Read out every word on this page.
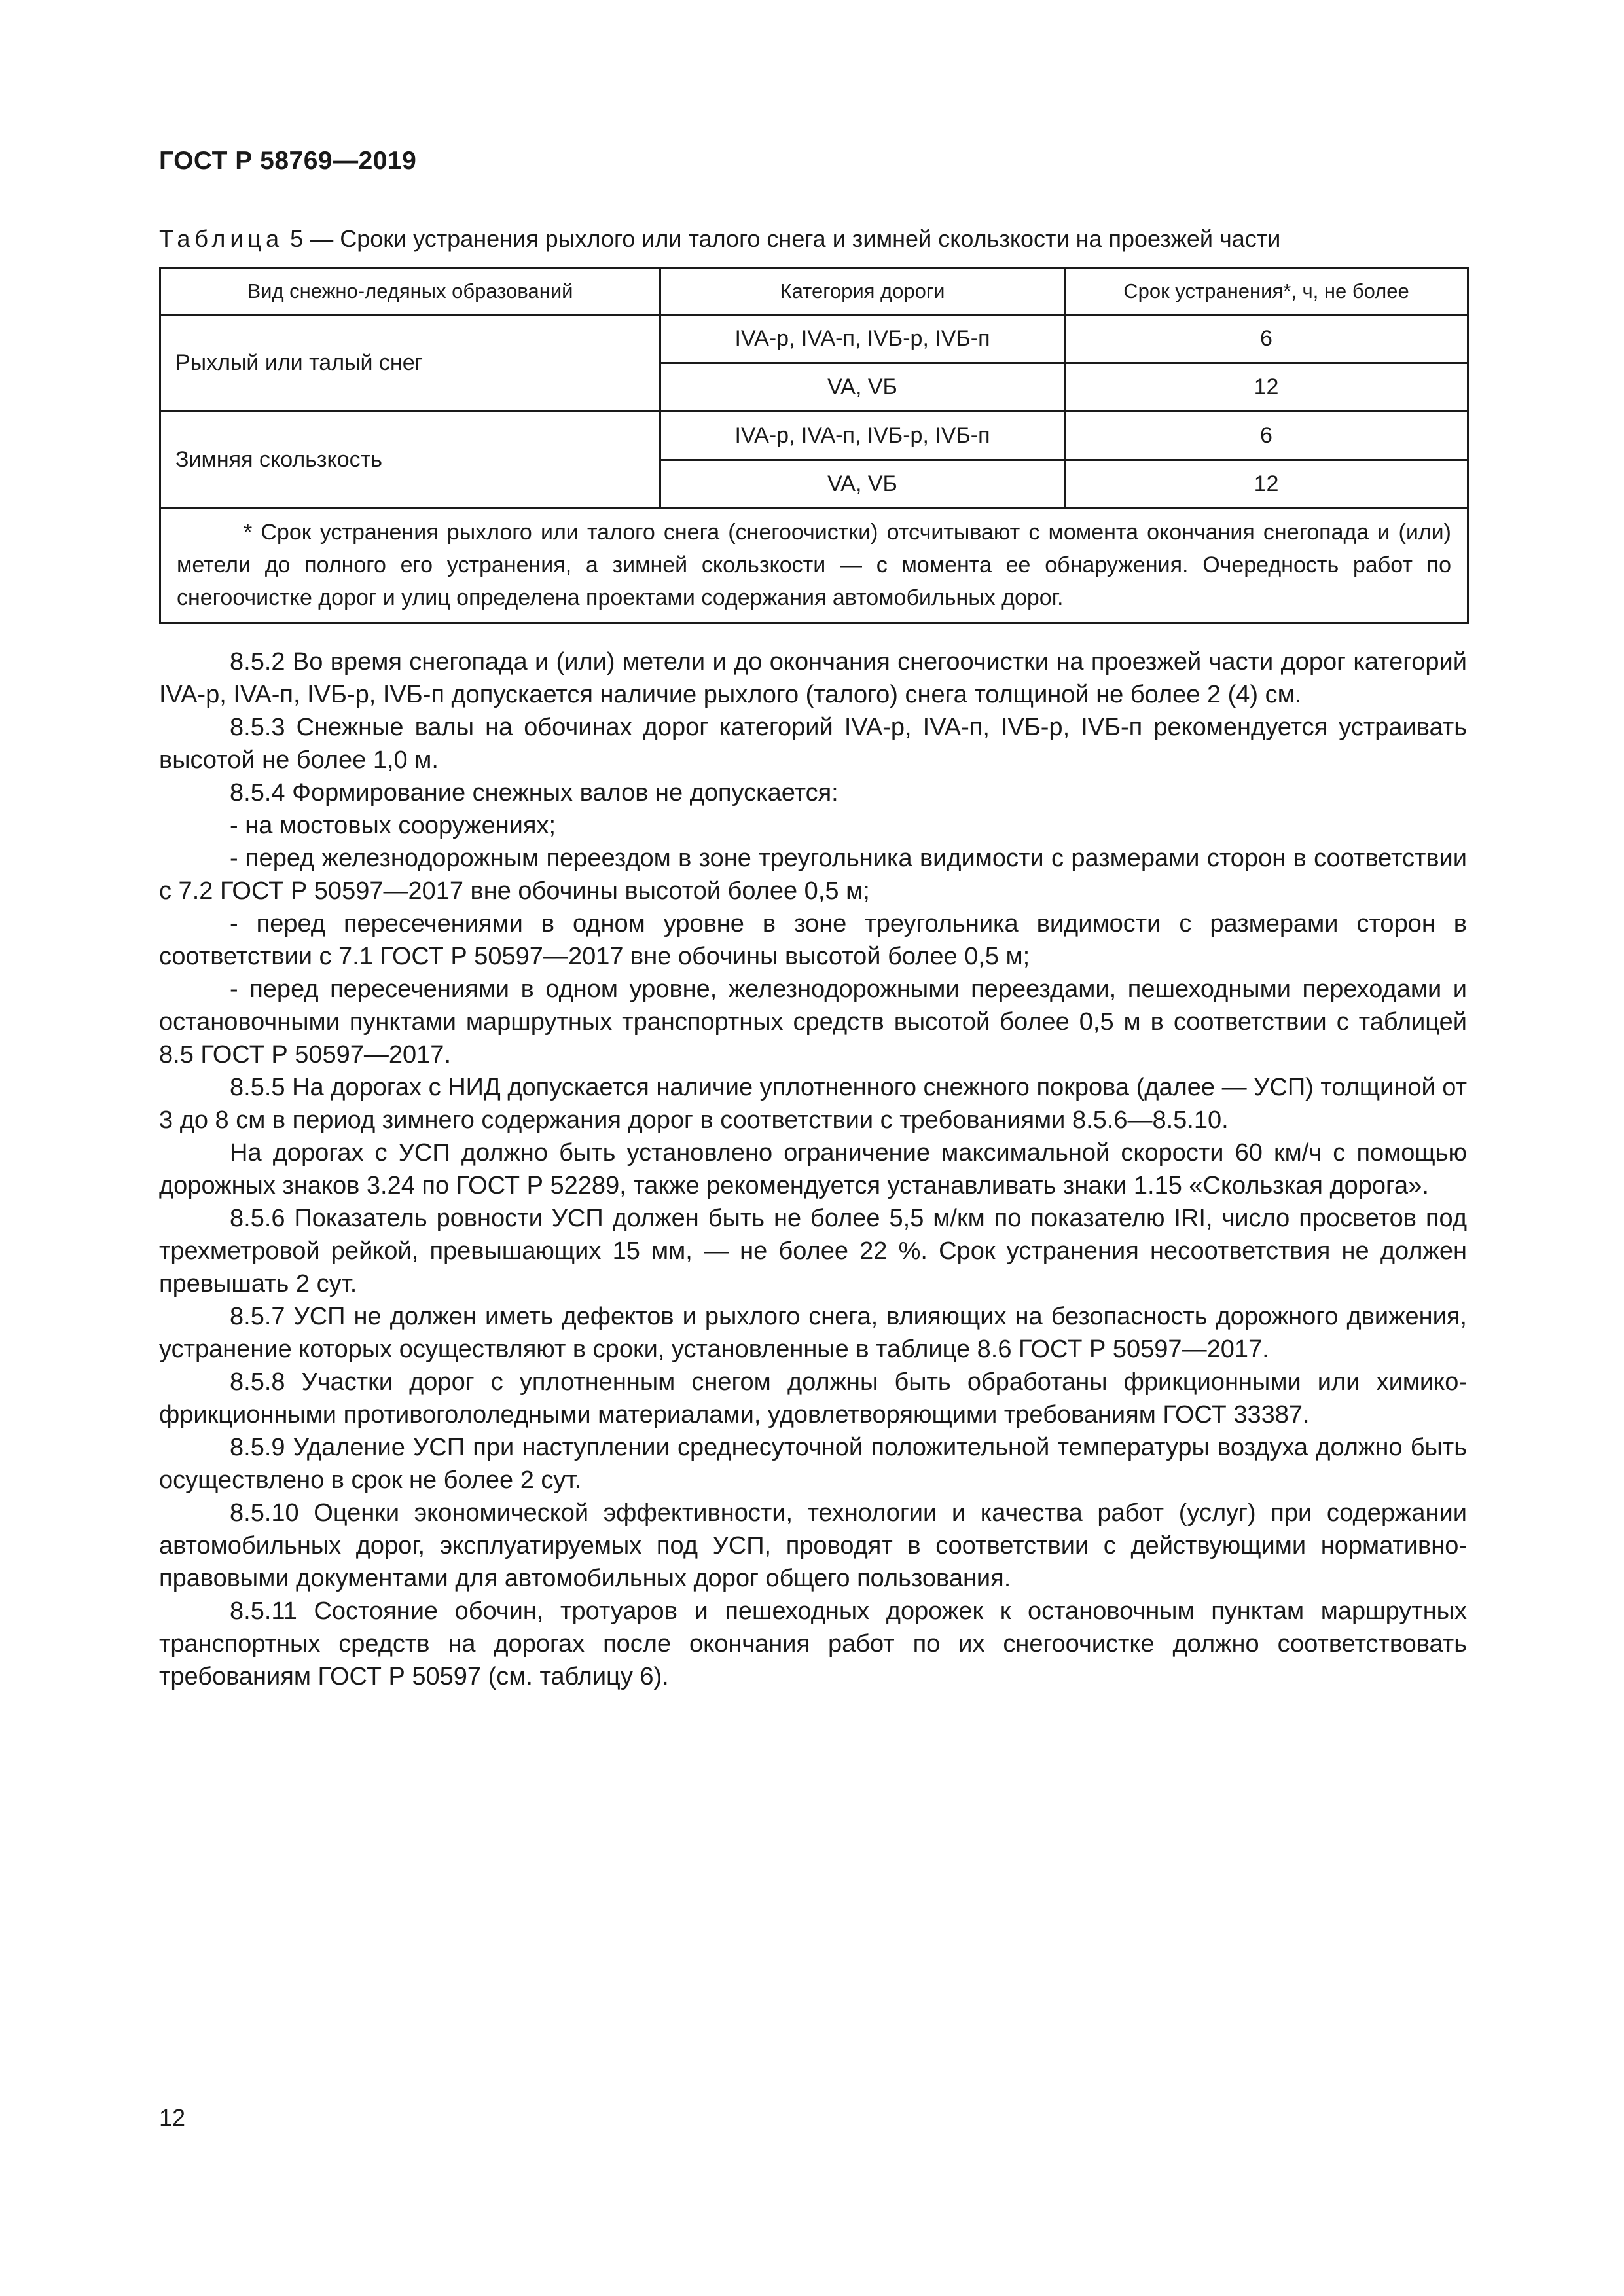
ГОСТ Р 58769—2019
Таблица 5 — Сроки устранения рыхлого или талого снега и зимней скользкости на проезжей части
Вид снежно-ледяных образований	Категория дороги	Срок устранения*, ч, не более
Рыхлый или талый снег	IVA-р, IVA-п, IVБ-р, IVБ-п	6
	VA, VБ	12
Зимняя скользкость	IVA-р, IVA-п, IVБ-р, IVБ-п	6
	VA, VБ	12
* Срок устранения рыхлого или талого снега (снегоочистки) отсчитывают с момента окончания снегопада и (или) метели до полного его устранения, а зимней скользкости — с момента ее обнаружения. Очередность работ по снегоочистке дорог и улиц определена проектами содержания автомобильных дорог.		

8.5.2 Во время снегопада и (или) метели и до окончания снегоочистки на проезжей части дорог категорий IVA-р, IVA-п, IVБ-р, IVБ-п допускается наличие рыхлого (талого) снега толщиной не более 2 (4) см.

8.5.3 Снежные валы на обочинах дорог категорий IVA-р, IVA-п, IVБ-р, IVБ-п рекомендуется устраивать высотой не более 1,0 м.

8.5.4 Формирование снежных валов не допускается:

- на мостовых сооружениях;

- перед железнодорожным переездом в зоне треугольника видимости с размерами сторон в соответствии с 7.2 ГОСТ Р 50597—2017 вне обочины высотой более 0,5 м;

- перед пересечениями в одном уровне в зоне треугольника видимости с размерами сторон в соответствии с 7.1 ГОСТ Р 50597—2017 вне обочины высотой более 0,5 м;

- перед пересечениями в одном уровне, железнодорожными переездами, пешеходными переходами и остановочными пунктами маршрутных транспортных средств высотой более 0,5 м в соответствии с таблицей 8.5 ГОСТ Р 50597—2017.

8.5.5 На дорогах с НИД допускается наличие уплотненного снежного покрова (далее — УСП) толщиной от 3 до 8 см в период зимнего содержания дорог в соответствии с требованиями 8.5.6—8.5.10.

На дорогах с УСП должно быть установлено ограничение максимальной скорости 60 км/ч с помощью дорожных знаков 3.24 по ГОСТ Р 52289, также рекомендуется устанавливать знаки 1.15 «Скользкая дорога».

8.5.6 Показатель ровности УСП должен быть не более 5,5 м/км по показателю IRI, число просветов под трехметровой рейкой, превышающих 15 мм, — не более 22 %. Срок устранения несоответствия не должен превышать 2 сут.

8.5.7 УСП не должен иметь дефектов и рыхлого снега, влияющих на безопасность дорожного движения, устранение которых осуществляют в сроки, установленные в таблице 8.6 ГОСТ Р 50597—2017.

8.5.8 Участки дорог с уплотненным снегом должны быть обработаны фрикционными или химико-фрикционными противогололедными материалами, удовлетворяющими требованиям ГОСТ 33387.

8.5.9 Удаление УСП при наступлении среднесуточной положительной температуры воздуха должно быть осуществлено в срок не более 2 сут.

8.5.10 Оценки экономической эффективности, технологии и качества работ (услуг) при содержании автомобильных дорог, эксплуатируемых под УСП, проводят в соответствии с действующими нормативно-правовыми документами для автомобильных дорог общего пользования.

8.5.11 Состояние обочин, тротуаров и пешеходных дорожек к остановочным пунктам маршрутных транспортных средств на дорогах после окончания работ по их снегоочистке должно соответствовать требованиям ГОСТ Р 50597 (см. таблицу 6).

12
